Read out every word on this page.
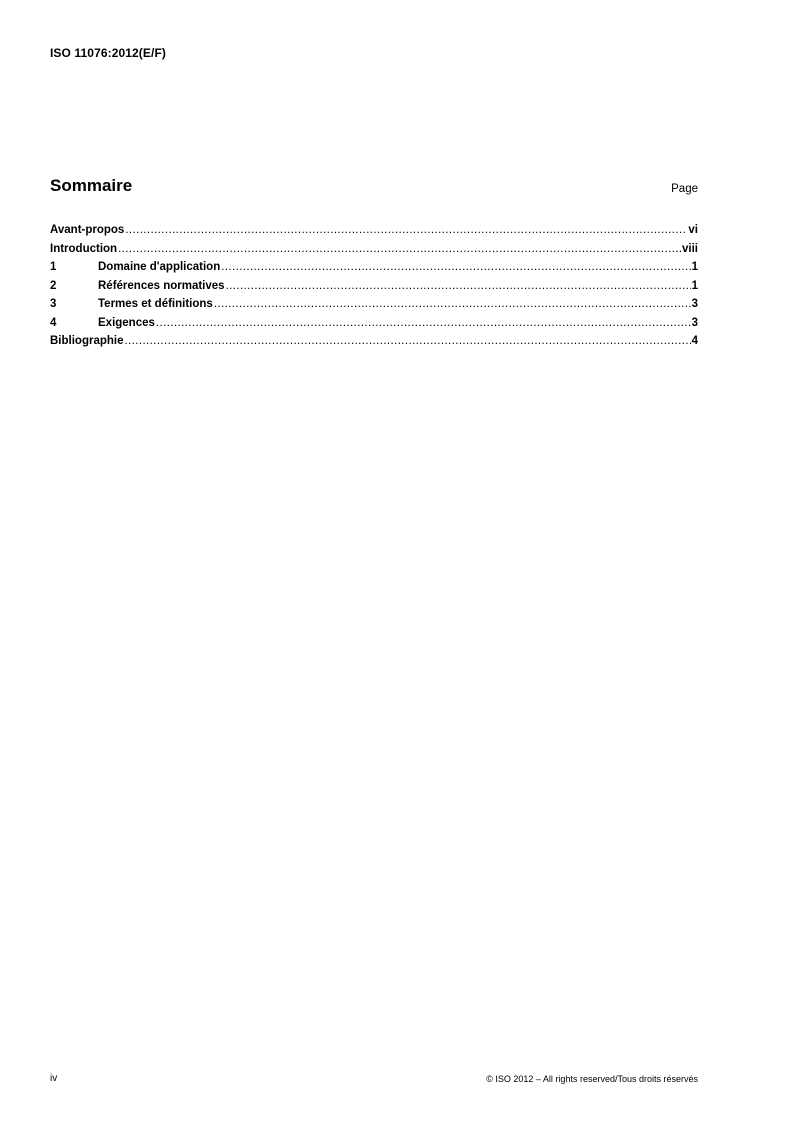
ISO 11076:2012(E/F)
Sommaire	Page
Avant-propos .....	vi
Introduction .....	viii
1	Domaine d'application .....	1
2	Références normatives .....	1
3	Termes et définitions .....	3
4	Exigences .....	3
Bibliographie .....	4
iv	© ISO 2012 – All rights reserved/Tous droits réservés
